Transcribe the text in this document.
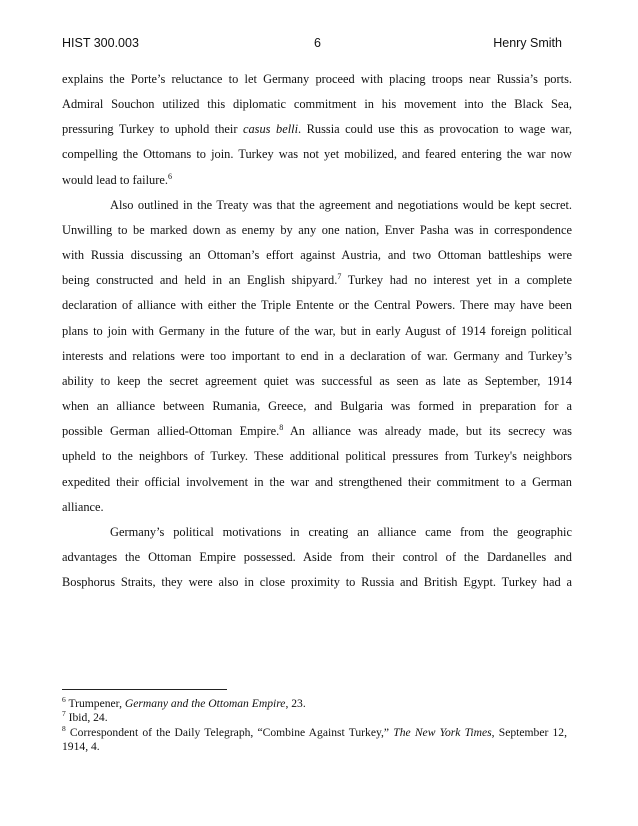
HIST 300.003	6	Henry Smith
explains the Porte’s reluctance to let Germany proceed with placing troops near Russia’s ports.
Admiral Souchon utilized this diplomatic commitment in his movement into the Black Sea,
pressuring Turkey to uphold their casus belli. Russia could use this as provocation to wage war,
compelling the Ottomans to join. Turkey was not yet mobilized, and feared entering the war now
would lead to failure.$^6$
Also outlined in the Treaty was that the agreement and negotiations would be kept secret.
Unwilling to be marked down as enemy by any one nation, Enver Pasha was in correspondence
with Russia discussing an Ottoman’s effort against Austria, and two Ottoman battleships were
being constructed and held in an English shipyard.$^7$ Turkey had no interest yet in a complete
declaration of alliance with either the Triple Entente or the Central Powers. There may have been
plans to join with Germany in the future of the war, but in early August of 1914 foreign political
interests and relations were too important to end in a declaration of war. Germany and Turkey’s
ability to keep the secret agreement quiet was successful as seen as late as September, 1914
when an alliance between Rumania, Greece, and Bulgaria was formed in preparation for a
possible German allied-Ottoman Empire.$^8$ An alliance was already made, but its secrecy was
upheld to the neighbors of Turkey. These additional political pressures from Turkey's neighbors
expedited their official involvement in the war and strengthened their commitment to a German
alliance.
Germany’s political motivations in creating an alliance came from the geographic
advantages the Ottoman Empire possessed. Aside from their control of the Dardanelles and
Bosphorus Straits, they were also in close proximity to Russia and British Egypt. Turkey had a
$^6$ Trumpener, Germany and the Ottoman Empire, 23.
$^7$ Ibid, 24.
$^8$ Correspondent of the Daily Telegraph, “Combine Against Turkey,” The New York Times, September 12,
1914, 4.
